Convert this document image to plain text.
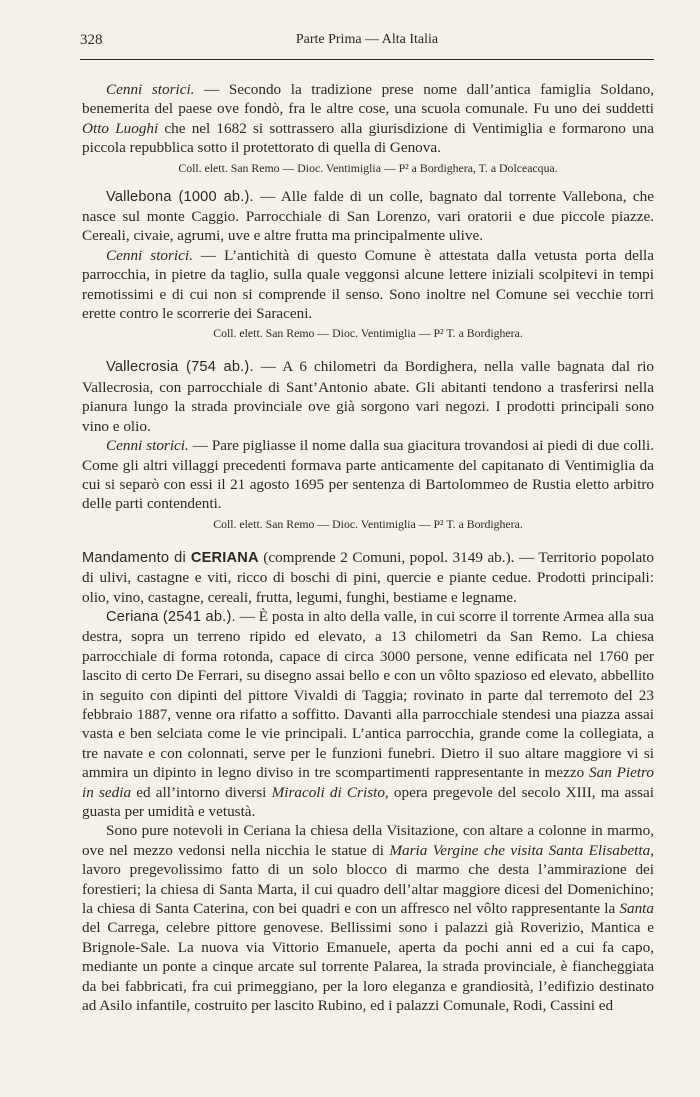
328	Parte Prima — Alta Italia

Cenni storici. — Secondo la tradizione prese nome dall’antica famiglia Soldano, benemerita del paese ove fondò, fra le altre cose, una scuola comunale. Fu uno dei suddetti Otto Luoghi che nel 1682 si sottrassero alla giurisdizione di Ventimiglia e formarono una piccola repubblica sotto il protettorato di quella di Genova.

Coll. elett. San Remo — Dioc. Ventimiglia — P² a Bordighera, T. a Dolceacqua.

Vallebona (1000 ab.). — Alle falde di un colle, bagnato dal torrente Vallebona, che nasce sul monte Caggio. Parrocchiale di San Lorenzo, vari oratorii e due piccole piazze. Cereali, civaie, agrumi, uve e altre frutta ma principalmente ulive.

Cenni storici. — L’antichità di questo Comune è attestata dalla vetusta porta della parrocchia, in pietre da taglio, sulla quale veggonsi alcune lettere iniziali scolpitevi in tempi remotissimi e di cui non si comprende il senso. Sono inoltre nel Comune sei vecchie torri erette contro le scorrerie dei Saraceni.

Coll. elett. San Remo — Dioc. Ventimiglia — P² T. a Bordighera.

Vallecrosia (754 ab.). — A 6 chilometri da Bordighera, nella valle bagnata dal rio Vallecrosia, con parrocchiale di Sant’Antonio abate. Gli abitanti tendono a trasferirsi nella pianura lungo la strada provinciale ove già sorgono vari negozi. I prodotti principali sono vino e olio.

Cenni storici. — Pare pigliasse il nome dalla sua giacitura trovandosi ai piedi di due colli. Come gli altri villaggi precedenti formava parte anticamente del capitanato di Ventimiglia da cui si separò con essi il 21 agosto 1695 per sentenza di Bartolommeo de Rustia eletto arbitro delle parti contendenti.

Coll. elett. San Remo — Dioc. Ventimiglia — P² T. a Bordighera.

Mandamento di CERIANA (comprende 2 Comuni, popol. 3149 ab.). — Territorio popolato di ulivi, castagne e viti, ricco di boschi di pini, quercie e piante cedue. Prodotti principali: olio, vino, castagne, cereali, frutta, legumi, funghi, bestiame e legname.

Ceriana (2541 ab.). — È posta in alto della valle, in cui scorre il torrente Armea alla sua destra, sopra un terreno ripido ed elevato, a 13 chilometri da San Remo. La chiesa parrocchiale di forma rotonda, capace di circa 3000 persone, venne edificata nel 1760 per lascito di certo De Ferrari, su disegno assai bello e con un vôlto spazioso ed elevato, abbellito in seguito con dipinti del pittore Vivaldi di Taggia; rovinato in parte dal terremoto del 23 febbraio 1887, venne ora rifatto a soffitto. Davanti alla parrocchiale stendesi una piazza assai vasta e ben selciata come le vie principali. L’antica parrocchia, grande come la collegiata, a tre navate e con colonnati, serve per le funzioni funebri. Dietro il suo altare maggiore vi si ammira un dipinto in legno diviso in tre scompartimenti rappresentante in mezzo San Pietro in sedia ed all’intorno diversi Miracoli di Cristo, opera pregevole del secolo XIII, ma assai guasta per umidità e vetustà.

Sono pure notevoli in Ceriana la chiesa della Visitazione, con altare a colonne in marmo, ove nel mezzo vedonsi nella nicchia le statue di Maria Vergine che visita Santa Elisabetta, lavoro pregevolissimo fatto di un solo blocco di marmo che desta l’ammirazione dei forestieri; la chiesa di Santa Marta, il cui quadro dell’altar maggiore dicesi del Domenichino; la chiesa di Santa Caterina, con bei quadri e con un affresco nel vôlto rappresentante la Santa del Carrega, celebre pittore genovese. Bellissimi sono i palazzi già Roverizio, Mantica e Brignole-Sale. La nuova via Vittorio Emanuele, aperta da pochi anni ed a cui fa capo, mediante un ponte a cinque arcate sul torrente Palarea, la strada provinciale, è fiancheggiata da bei fabbricati, fra cui primeggiano, per la loro eleganza e grandiosità, l’edifizio destinato ad Asilo infantile, costruito per lascito Rubino, ed i palazzi Comunale, Rodi, Cassini ed
